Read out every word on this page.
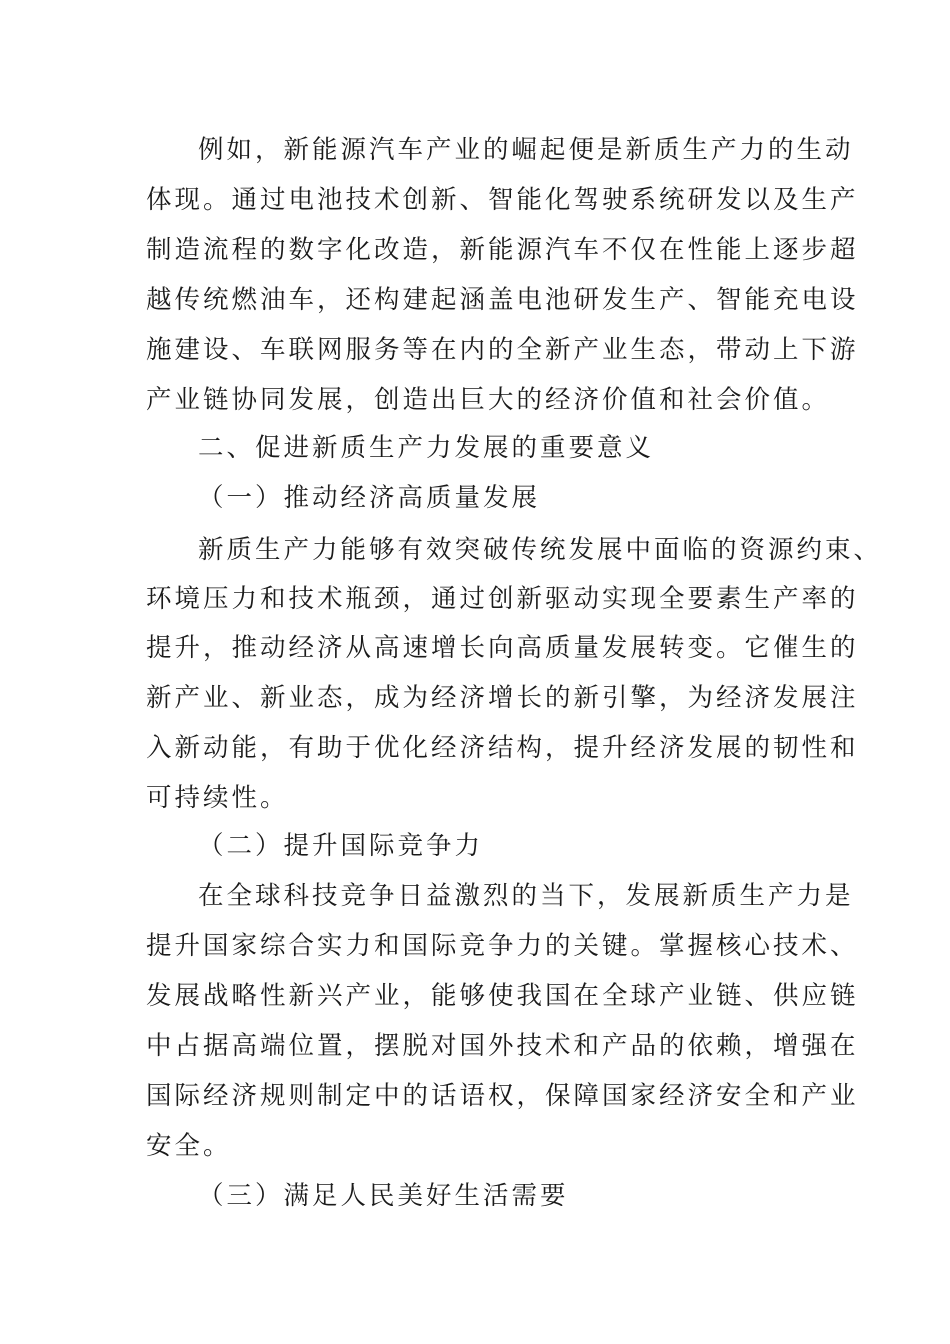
例如，新能源汽车产业的崛起便是新质生产力的生动
体现。通过电池技术创新、智能化驾驶系统研发以及生产
制造流程的数字化改造，新能源汽车不仅在性能上逐步超
越传统燃油车，还构建起涵盖电池研发生产、智能充电设
施建设、车联网服务等在内的全新产业生态，带动上下游
产业链协同发展，创造出巨大的经济价值和社会价值。
二、促进新质生产力发展的重要意义
（一）推动经济高质量发展
新质生产力能够有效突破传统发展中面临的资源约束、
环境压力和技术瓶颈，通过创新驱动实现全要素生产率的
提升，推动经济从高速增长向高质量发展转变。它催生的
新产业、新业态，成为经济增长的新引擎，为经济发展注
入新动能，有助于优化经济结构，提升经济发展的韧性和
可持续性。
（二）提升国际竞争力
在全球科技竞争日益激烈的当下，发展新质生产力是
提升国家综合实力和国际竞争力的关键。掌握核心技术、
发展战略性新兴产业，能够使我国在全球产业链、供应链
中占据高端位置，摆脱对国外技术和产品的依赖，增强在
国际经济规则制定中的话语权，保障国家经济安全和产业
安全。
（三）满足人民美好生活需要
